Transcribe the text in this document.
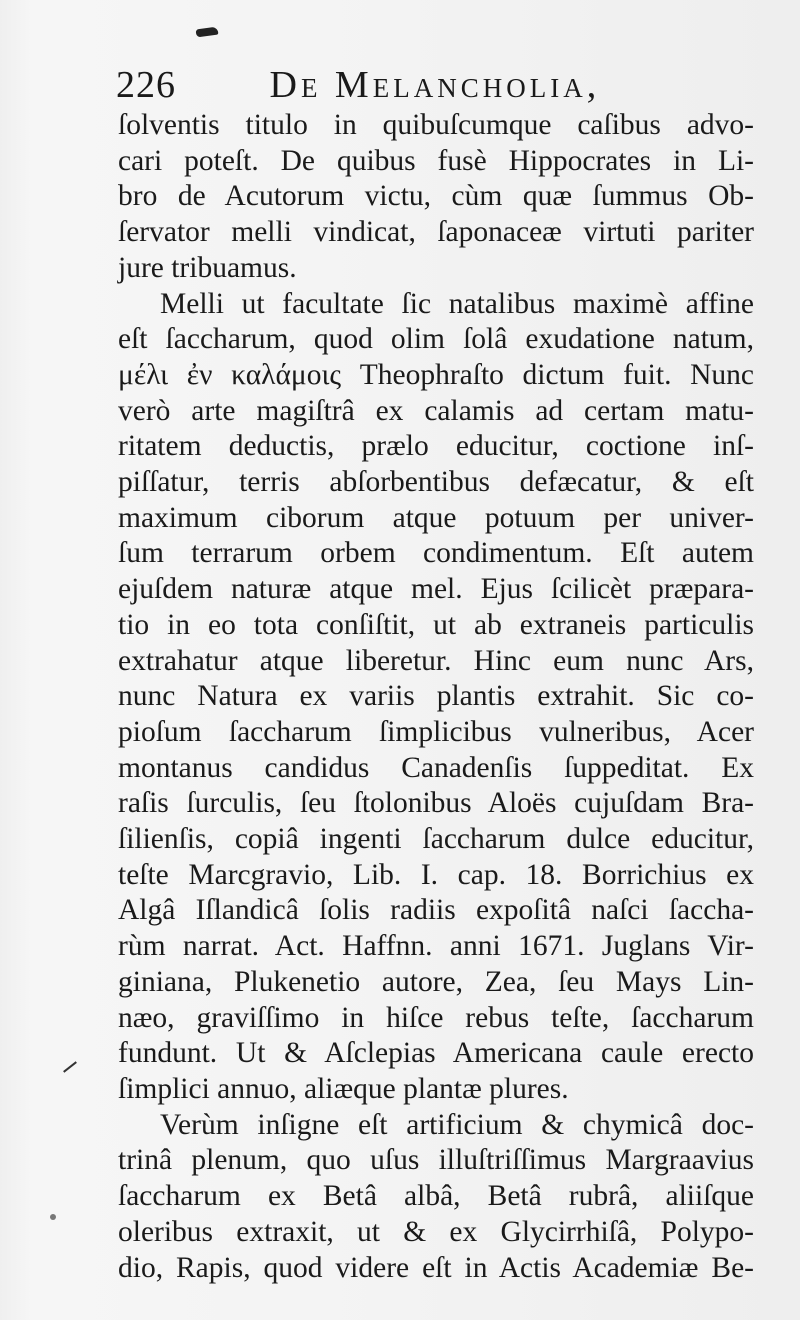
226 De Melancholia,
ſolventis titulo in quibuſcumque caſibus advo-
cari poteſt. De quibus fusè Hippocrates in Li-
bro de Acutorum victu, cùm quæ ſummus Ob-
ſervator melli vindicat, ſaponaceæ virtuti pariter
jure tribuamus.
Melli ut facultate ſic natalibus maximè affine
eſt ſaccharum, quod olim ſolâ exudatione natum,
μέλι ἐν καλάμοις Theophraſto dictum fuit. Nunc
verò arte magiſtrâ ex calamis ad certam matu-
ritatem deductis, prælo educitur, coctione inſ-
piſſatur, terris abſorbentibus defæcatur, & eſt
maximum ciborum atque potuum per univer-
ſum terrarum orbem condimentum. Eſt autem
ejuſdem naturæ atque mel. Ejus ſcilicèt præpara-
tio in eo tota conſiſtit, ut ab extraneis particulis
extrahatur atque liberetur. Hinc eum nunc Ars,
nunc Natura ex variis plantis extrahit. Sic co-
pioſum ſaccharum ſimplicibus vulneribus, Acer
montanus candidus Canadenſis ſuppeditat. Ex
raſis ſurculis, ſeu ſtolonibus Aloës cujuſdam Bra-
ſilienſis, copiâ ingenti ſaccharum dulce educitur,
teſte Marcgravio, Lib. I. cap. 18. Borrichius ex
Algâ Iſlandicâ ſolis radiis expoſitâ naſci ſaccha-
rùm narrat. Act. Haffnn. anni 1671. Juglans Vir-
giniana, Plukenetio autore, Zea, ſeu Mays Lin-
næo, graviſſimo in hiſce rebus teſte, ſaccharum
fundunt. Ut & Aſclepias Americana caule erecto
ſimplici annuo, aliæque plantæ plures.
Verùm inſigne eſt artificium & chymicâ doc-
trinâ plenum, quo uſus illuſtriſſimus Margraavius
ſaccharum ex Betâ albâ, Betâ rubrâ, aliiſque
oleribus extraxit, ut & ex Glycirrhiſâ, Polypo-
dio, Rapis, quod videre eſt in Actis Academiæ Be-
